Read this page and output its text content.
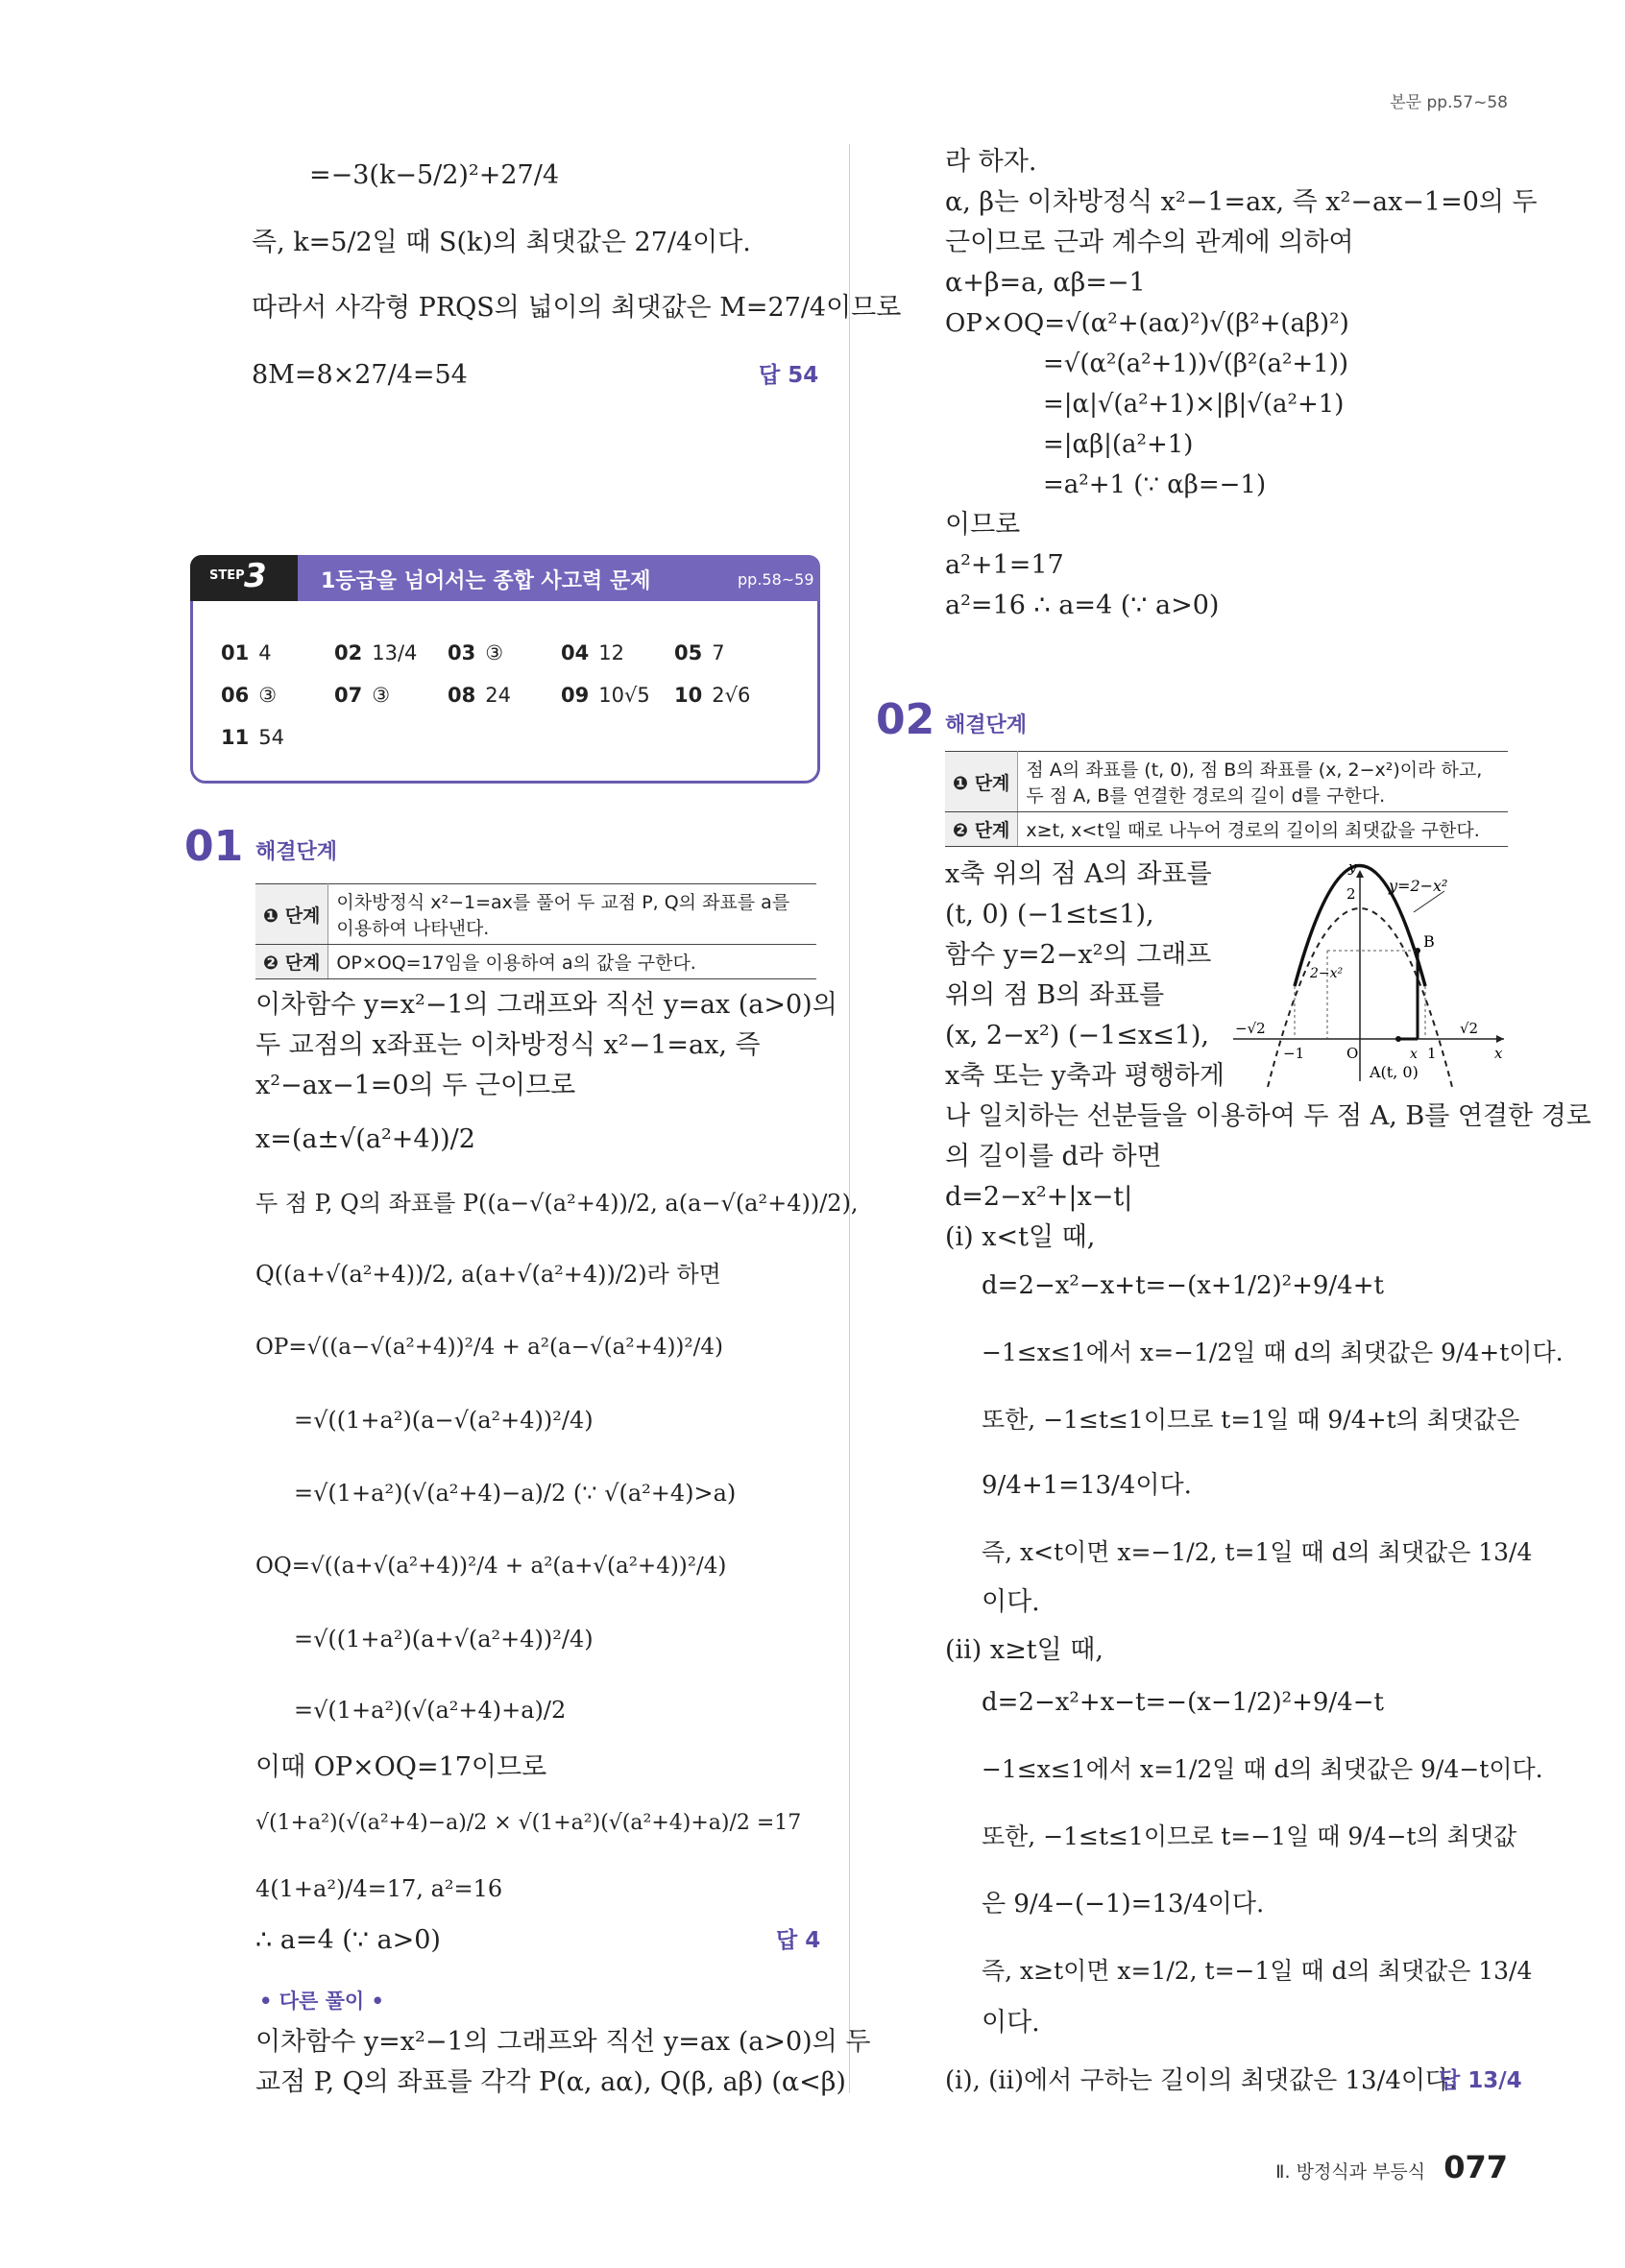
본문 pp.57~58
=−3(k−5/2)²+27/4
즉, k=5/2일 때 S(k)의 최댓값은 27/4이다.
따라서 사각형 PRQS의 넓이의 최댓값은 M=27/4이므로
8M=8×27/4=54	답 54
STEP 3	1등급을 넘어서는 종합 사고력 문제	pp.58~59
01 4	02 13/4 03 ③	04 12 05 7
06 ③	07 ③	08 24 09 10√5 10 2√6
11 54
01 해결단계
❶ 단계	이차방정식 x²−1=ax를 풀어 두 교점 P, Q의 좌표를 a를 이용하여 나타낸다.
❷ 단계	OP×OQ=17임을 이용하여 a의 값을 구한다.
이차함수 y=x²−1의 그래프와 직선 y=ax (a>0)의
두 교점의 x좌표는 이차방정식 x²−1=ax, 즉
x²−ax−1=0의 두 근이므로
x=(a±√(a²+4))/2
두 점 P, Q의 좌표를 P((a−√(a²+4))/2, a(a−√(a²+4))/2),
Q((a+√(a²+4))/2, a(a+√(a²+4))/2)라 하면
OP=√((a−√(a²+4))²/4 + a²(a−√(a²+4))²/4)
=√((1+a²)(a−√(a²+4))²/4)
=√(1+a²)(√(a²+4)−a)/2 (∵ √(a²+4)>a)
OQ=√((a+√(a²+4))²/4 + a²(a+√(a²+4))²/4)
=√((1+a²)(a+√(a²+4))²/4)
=√(1+a²)(√(a²+4)+a)/2
이때 OP×OQ=17이므로
√(1+a²)(√(a²+4)−a)/2 × √(1+a²)(√(a²+4)+a)/2 =17
4(1+a²)/4=17, a²=16
∴ a=4 (∵ a>0)	답 4
• 다른 풀이 •
이차함수 y=x²−1의 그래프와 직선 y=ax (a>0)의 두
교점 P, Q의 좌표를 각각 P(α, aα), Q(β, aβ) (α<β)
라 하자.
α, β는 이차방정식 x²−1=ax, 즉 x²−ax−1=0의 두
근이므로 근과 계수의 관계에 의하여
α+β=a, αβ=−1
OP×OQ=√(α²+(aα)²)√(β²+(aβ)²)
=√(α²(a²+1))√(β²(a²+1))
=|α|√(a²+1)×|β|√(a²+1)
=|αβ|(a²+1)
=a²+1 (∵ αβ=−1)
이므로
a²+1=17
a²=16 ∴ a=4 (∵ a>0)
02 해결단계
❶ 단계	점 A의 좌표를 (t, 0), 점 B의 좌표를 (x, 2−x²)이라 하고, 두 점 A, B를 연결한 경로의 길이 d를 구한다.
❷ 단계	x≥t, x<t일 때로 나누어 경로의 길이의 최댓값을 구한다.
x축 위의 점 A의 좌표를
(t, 0) (−1≤t≤1),
함수 y=2−x²의 그래프
위의 점 B의 좌표를
(x, 2−x²) (−1≤x≤1),
x축 또는 y축과 평행하게
y=2−x²
y
x
2
O
−1	1
−√2	√2
B
A(t, 0)
x
2−x²
나 일치하는 선분들을 이용하여 두 점 A, B를 연결한 경로
의 길이를 d라 하면
d=2−x²+|x−t|
(ⅰ) x<t일 때,
d=2−x²−x+t=−(x+1/2)²+9/4+t
−1≤x≤1에서 x=−1/2일 때 d의 최댓값은 9/4+t이다.
또한, −1≤t≤1이므로 t=1일 때 9/4+t의 최댓값은
9/4+1=13/4이다.
즉, x<t이면 x=−1/2, t=1일 때 d의 최댓값은 13/4
이다.
(ⅱ) x≥t일 때,
d=2−x²+x−t=−(x−1/2)²+9/4−t
−1≤x≤1에서 x=1/2일 때 d의 최댓값은 9/4−t이다.
또한, −1≤t≤1이므로 t=−1일 때 9/4−t의 최댓값
은 9/4−(−1)=13/4이다.
즉, x≥t이면 x=1/2, t=−1일 때 d의 최댓값은 13/4
이다.
(ⅰ), (ⅱ)에서 구하는 길이의 최댓값은 13/4이다.
답 13/4
Ⅱ. 방정식과 부등식 077
